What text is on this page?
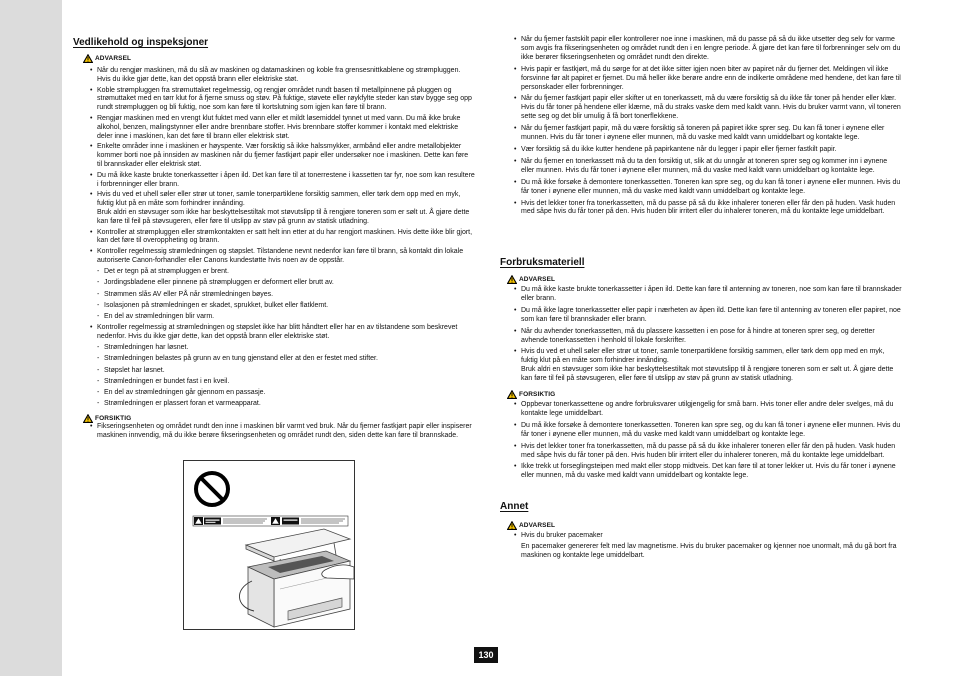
Vedlikehold og inspeksjoner
ADVARSEL
• Når du rengjør maskinen, må du slå av maskinen og datamaskinen og koble fra grensesnittkablene og strømpluggen. Hvis du ikke gjør dette, kan det oppstå brann eller elektriske støt.
• Koble strømpluggen fra strømuttaket regelmessig, og rengjør området rundt basen til metallpinnene på pluggen og strømuttaket med en tørr klut for å fjerne smuss og støv. På fuktige, støvete eller røykfylte steder kan støv bygge seg opp rundt strømpluggen og bli fuktig, noe som kan føre til kortslutning som igjen kan føre til brann.
• Rengjør maskinen med en vrengt klut fuktet med vann eller et mildt løsemiddel tynnet ut med vann. Du må ikke bruke alkohol, benzen, malingstynner eller andre brennbare stoffer. Hvis brennbare stoffer kommer i kontakt med elektriske deler inne i maskinen, kan det føre til brann eller elektrisk støt.
• Enkelte områder inne i maskinen er høyspente. Vær forsiktig så ikke halssmykker, armbånd eller andre metallobjekter kommer borti noe på innsiden av maskinen når du fjerner fastkjørt papir eller undersøker noe i maskinen. Dette kan føre til brannskader eller elektrisk støt.
• Du må ikke kaste brukte tonerkassetter i åpen ild. Det kan føre til at tonerrestene i kassetten tar fyr, noe som kan resultere i forbrenninger eller brann.
• Hvis du ved et uhell søler eller strør ut toner, samle tonerpartiklene forsiktig sammen, eller tørk dem opp med en myk, fuktig klut på en måte som forhindrer innånding.
Bruk aldri en støvsuger som ikke har beskyttelsestiltak mot støvutslipp til å rengjøre toneren som er sølt ut. Å gjøre dette kan føre til feil på støvsugeren, eller føre til utslipp av støv på grunn av statisk utladning.
• Kontroller at strømpluggen eller strømkontakten er satt helt inn etter at du har rengjort maskinen. Hvis dette ikke blir gjort, kan det føre til overoppheting og brann.
• Kontroller regelmessig strømledningen og støpslet. Tilstandene nevnt nedenfor kan føre til brann, så kontakt din lokale autoriserte Canon-forhandler eller Canons kundestøtte hvis noen av de oppstår.
- Det er tegn på at strømpluggen er brent.
- Jordingsbladene eller pinnene på strømpluggen er deformert eller brutt av.
- Strømmen slås AV eller PÅ når strømledningen bøyes.
- Isolasjonen på strømledningen er skadet, sprukket, bulket eller flatklemt.
- En del av strømledningen blir varm.
• Kontroller regelmessig at strømledningen og støpslet ikke har blitt håndtert eller har en av tilstandene som beskrevet nedenfor. Hvis du ikke gjør dette, kan det oppstå brann eller elektriske støt.
- Strømledningen har løsnet.
- Strømledningen belastes på grunn av en tung gjenstand eller at den er festet med stifter.
- Støpslet har løsnet.
- Strømledningen er bundet fast i en kveil.
- En del av strømledningen går gjennom en passasje.
- Strømledningen er plassert foran et varmeapparat.
FORSIKTIG
• Fikseringsenheten og området rundt den inne i maskinen blir varmt ved bruk. Når du fjerner fastkjørt papir eller inspiserer maskinen innvendig, må du ikke berøre fikseringsenheten og området rundt den, siden dette kan føre til brannskade.
• Når du fjerner fastskilt papir eller kontrollerer noe inne i maskinen, må du passe på så du ikke utsetter deg selv for varme som avgis fra fikseringsenheten og området rundt den i en lengre periode. Å gjøre det kan føre til forbrenninger selv om du ikke berører fikseringsenheten og området rundt den direkte.
• Hvis papir er fastkjørt, må du sørge for at det ikke sitter igjen noen biter av papiret når du fjerner det. Meldingen vil ikke forsvinne før alt papiret er fjernet. Du må heller ikke berøre andre enn de indikerte områdene med hendene, det kan føre til personskader eller forbrenninger.
• Når du fjerner fastkjørt papir eller skifter ut en tonerkassett, må du være forsiktig så du ikke får toner på hender eller klær. Hvis du får toner på hendene eller klærne, må du straks vaske dem med kaldt vann. Hvis du bruker varmt vann, vil toneren sette seg og det blir umulig å få bort tonerflekkene.
• Når du fjerner fastkjørt papir, må du være forsiktig så toneren på papiret ikke sprer seg. Du kan få toner i øynene eller munnen. Hvis du får toner i øynene eller munnen, må du vaske med kaldt vann umiddelbart og kontakte lege.
• Vær forsiktig så du ikke kutter hendene på papirkantene når du legger i papir eller fjerner fastkilt papir.
• Når du fjerner en tonerkassett må du ta den forsiktig ut, slik at du unngår at toneren sprer seg og kommer inn i øynene eller munnen. Hvis du får toner i øynene eller munnen, må du vaske med kaldt vann umiddelbart og kontakte lege.
• Du må ikke forsøke å demontere tonerkassetten. Toneren kan spre seg, og du kan få toner i øynene eller munnen. Hvis du får toner i øynene eller munnen, må du vaske med kaldt vann umiddelbart og kontakte lege.
• Hvis det lekker toner fra tonerkassetten, må du passe på så du ikke inhalerer toneren eller får den på huden. Vask huden med såpe hvis du får toner på den. Hvis huden blir irritert eller du inhalerer toneren, må du kontakte lege umiddelbart.
Forbruksmateriell
ADVARSEL
• Du må ikke kaste brukte tonerkassetter i åpen ild. Dette kan føre til antenning av toneren, noe som kan føre til brannskader eller brann.
• Du må ikke lagre tonerkassetter eller papir i nærheten av åpen ild. Dette kan føre til antenning av toneren eller papiret, noe som kan føre til brannskader eller brann.
• Når du avhender tonerkassetten, må du plassere kassetten i en pose for å hindre at toneren sprer seg, og deretter avhende tonerkassetten i henhold til lokale forskrifter.
• Hvis du ved et uhell søler eller strør ut toner, samle tonerpartiklene forsiktig sammen, eller tørk dem opp med en myk, fuktig klut på en måte som forhindrer innånding.
Bruk aldri en støvsuger som ikke har beskyttelsestiltak mot støvutslipp til å rengjøre toneren som er sølt ut. Å gjøre dette kan føre til feil på støvsugeren, eller føre til utslipp av støv på grunn av statisk utladning.
FORSIKTIG
• Oppbevar tonerkassettene og andre forbruksvarer utilgjengelig for små barn. Hvis toner eller andre deler svelges, må du kontakte lege umiddelbart.
• Du må ikke forsøke å demontere tonerkassetten. Toneren kan spre seg, og du kan få toner i øynene eller munnen. Hvis du får toner i øynene eller munnen, må du vaske med kaldt vann umiddelbart og kontakte lege.
• Hvis det lekker toner fra tonerkassetten, må du passe på så du ikke inhalerer toneren eller får den på huden. Vask huden med såpe hvis du får toner på den. Hvis huden blir irritert eller du inhalerer toneren, må du kontakte lege umiddelbart.
• Ikke trekk ut forseglingsteipen med makt eller stopp midtveis. Det kan føre til at toner lekker ut. Hvis du får toner i øynene eller munnen, må du vaske med kaldt vann umiddelbart og kontakte lege.
Annet
ADVARSEL
• Hvis du bruker pacemaker
En pacemaker genererer felt med lav magnetisme. Hvis du bruker pacemaker og kjenner noe unormalt, må du gå bort fra maskinen og kontakte lege umiddelbart.
130
